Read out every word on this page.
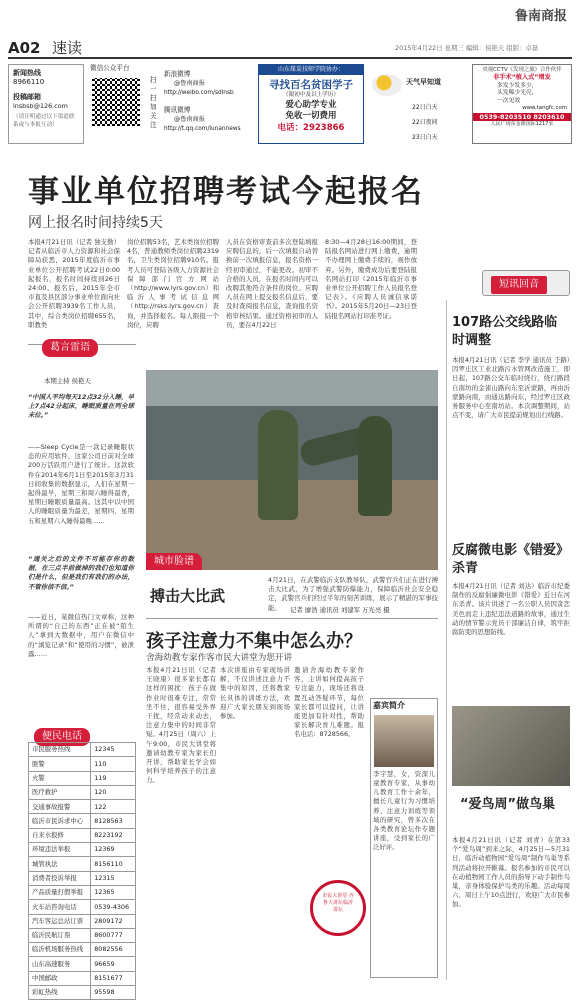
鲁南商报
A02 速读	2015年4月22日 星期三 编辑：侯艳天 组版：卓磊
新闻热线
8966110
投稿邮箱
lnsbsb@126.com
（请注明通过以下渠道联系或与本报互动）
微信公众平台
扫一扫 加关注
新浪微博
@鲁南商报
http://weibo.com/sdlnsb
腾讯微博
@鲁南商报
http://t.qq.com/lunannews
山东煤炭技师学院协办：
寻找百名贫困学子
（限初中及以上学历）
爱心助学专业
免收一切费用
电话：2923866
天气早知道
22日白天
22日夜间
23日白天
央视CCTV《发现之旅》合作伙伴
非手术“植入式”增发
多发少发多少，
头发稀少光亮，
一次见效
www.tangfc.com
0539-8203510 8203610
人民广场东金源国际1217室
事业单位招聘考试今起报名
网上报名时间持续5天
本报4月21日讯（记者 独支勤）记者从临沂市人力资源和社会保障局获悉，2015年度临沂市事业单位公开招聘考试22日0:00起报名，报名时间持续到26日24:00。报名后，2015年全市市直及县区部分事业单位面向社会公开招聘3939名工作人员，其中，综合类岗位招聘655名，职教类
岗位招聘53名，艺术类岗位招聘4名，普通教师类岗位招聘2319名，卫生类岗位招聘910名。报考人员可登陆各级人力资源社会保障部门官方网站（http://www.lyrs.gov.cn）和临沂人事考试信息网（http://rsks.lyrs.gov.cn）查询，并选择报名。每人限报一个岗位，应聘
人员在资格审查前多次登陆填报应聘信息的，后一次填报自动替换前一次填报信息，报名资格一经初审通过，不能更改。初审不合格的人员，在报名时间内可以改聘其他符合条件的岗位。应聘人员在网上提交报名信息后，要及时查阅报名信息，查询报名资格审核结果。通过资格初审的人员，要在4月22日
8:30—4月28日16:00期间，登陆报名网站进行网上缴费，逾期不办理网上缴费手续的，视作放弃。另外，缴费成功后要登陆报名网站打印《2015年临沂市事业单位公开招聘工作人员报名登记表》。《应聘人员诚信承诺书》。2015年5月20日—23日登陆报名网站打印准考证。
短讯回音
葛言雷语
本期主持 侯艳天
“中国人平均每天12点32分入睡，早上7点42分起床，睡眠质量在列全球末位。”
——Sleep Cycle是一款记录睡眠状态的应用软件，这家公司日前对全球200万活跃用户进行了统计。这款软件在2014年6月1日至2015年3月31日间收集的数据显示，人们在星期一起得最早，星期三和周六睡得最香，星期日睡眠质量最高。这其中以中国人的睡眠质量为最差，星期四、星期五和星期六入睡得最晚……
“通关之后的文件不可能存你的数据，在三点半前做掉的我们也知道你们是什么，但是我们有我们的办法，不管你信不信。”
——近日，某微信热门文章称，这种所谓的“自己的东西”正在被“陌生人”拿到大数据中，用户在微信中的“浏览记录”和“使用的习惯”，被泄露……
便民电话
市民服务热线	12345
匪警	110
火警	119
医疗救护	120
交通事故报警	122
临沂市民诉求中心	8128563
自来水报修	8223192
环境违法举报	12369
城管执法	8156110
消费者投诉举报	12315
产品质量打假举报	12365
火车站咨询电话	0539-4306
汽车客运总站订票	2809172
临沂民航订票	8600777
临沂机场服务热线	8082556
山东高速服务	96659
中国邮政	8151677
彩虹热线	95598
城市脸谱
搏击大比武
4月21日，在武警临沂支队教导队，武警官兵们正在进行搏击大比武，为了增强武警防爆能力，保障临沂社会安全稳定，武警官兵们经过半年的刻苦训练，展示了精湛的军事技能。	记者 廖浩 通讯员 刘建军 万光亮 摄
孩子注意力不集中怎么办？
舍海幼教专家作客市民大讲堂为您开讲
本报4月21日讯（记者 王晓康）很多家长都有这样的困扰：孩子在做作业时很难专注，常常坐不住，很容易受外界干扰，经常动来动去，注意力集中的时间非常短。4月25日（周六）上午9:00，市民大讲堂将邀请幼教专家为家长们开讲，帮助家长学会如何科学培养孩子的注意力。
本次讲座由专家现场讲解，不仅讲述注意力不集中的原因，还将教家长具体的训练方法，欢迎广大家长朋友到现场参加。
邀请舍海幼教专家作客，主讲如何提高孩子专注能力，现场还将设置互动答疑环节，每位家长都可以提问，让讲座更加有针对性，帮助家长解决育儿难题。报名电话：8728566。
市民大讲堂·齐鲁大讲坛临沂讲坛
嘉宾简介
李宇慧，女，资深儿童教育专家，从事幼儿教育工作十余年，擅长儿童行为习惯培养、注意力训练等领域的研究，曾多次在各类教育论坛作专题讲座，受到家长的广泛好评。
107路公交线路临时调整
本报4月21日讯（记者 李学 通讯员 于路）因罗庄区工业北路污水管网改造施工，即日起，107路公交车临时绕行，绕行路段自南坊的金雀山路向东至沂蒙路，再由沂蒙路向南，由通达路向东，经过罗庄区政务服务中心至南坊站。本次调整期间，站点不变，请广大市民提前规划出行线路。
反腐微电影《错爱》杀青
本报4月21日讯（记者 刘达）临沂市纪委制作的反腐倡廉微电影《错爱》近日在河东杀青。该片讲述了一名公职人员因贪恋美色而走上违纪违法道路的故事，通过生动的情节警示党员干部廉洁自律，筑牢拒腐防变的思想防线。
“爱鸟周”做鸟巢
本报4月21日讯（记者 刘青）在第33个“爱鸟周”到来之际，4月25日—5月31日，临沂动植物园“爱鸟周”制作鸟巢等系列活动将拉开帷幕。报名参加的市民可以在动植物园工作人员的指导下动手制作鸟巢，亲身体验保护鸟类的乐趣。活动每周六、周日上午10点进行，欢迎广大市民参加。
